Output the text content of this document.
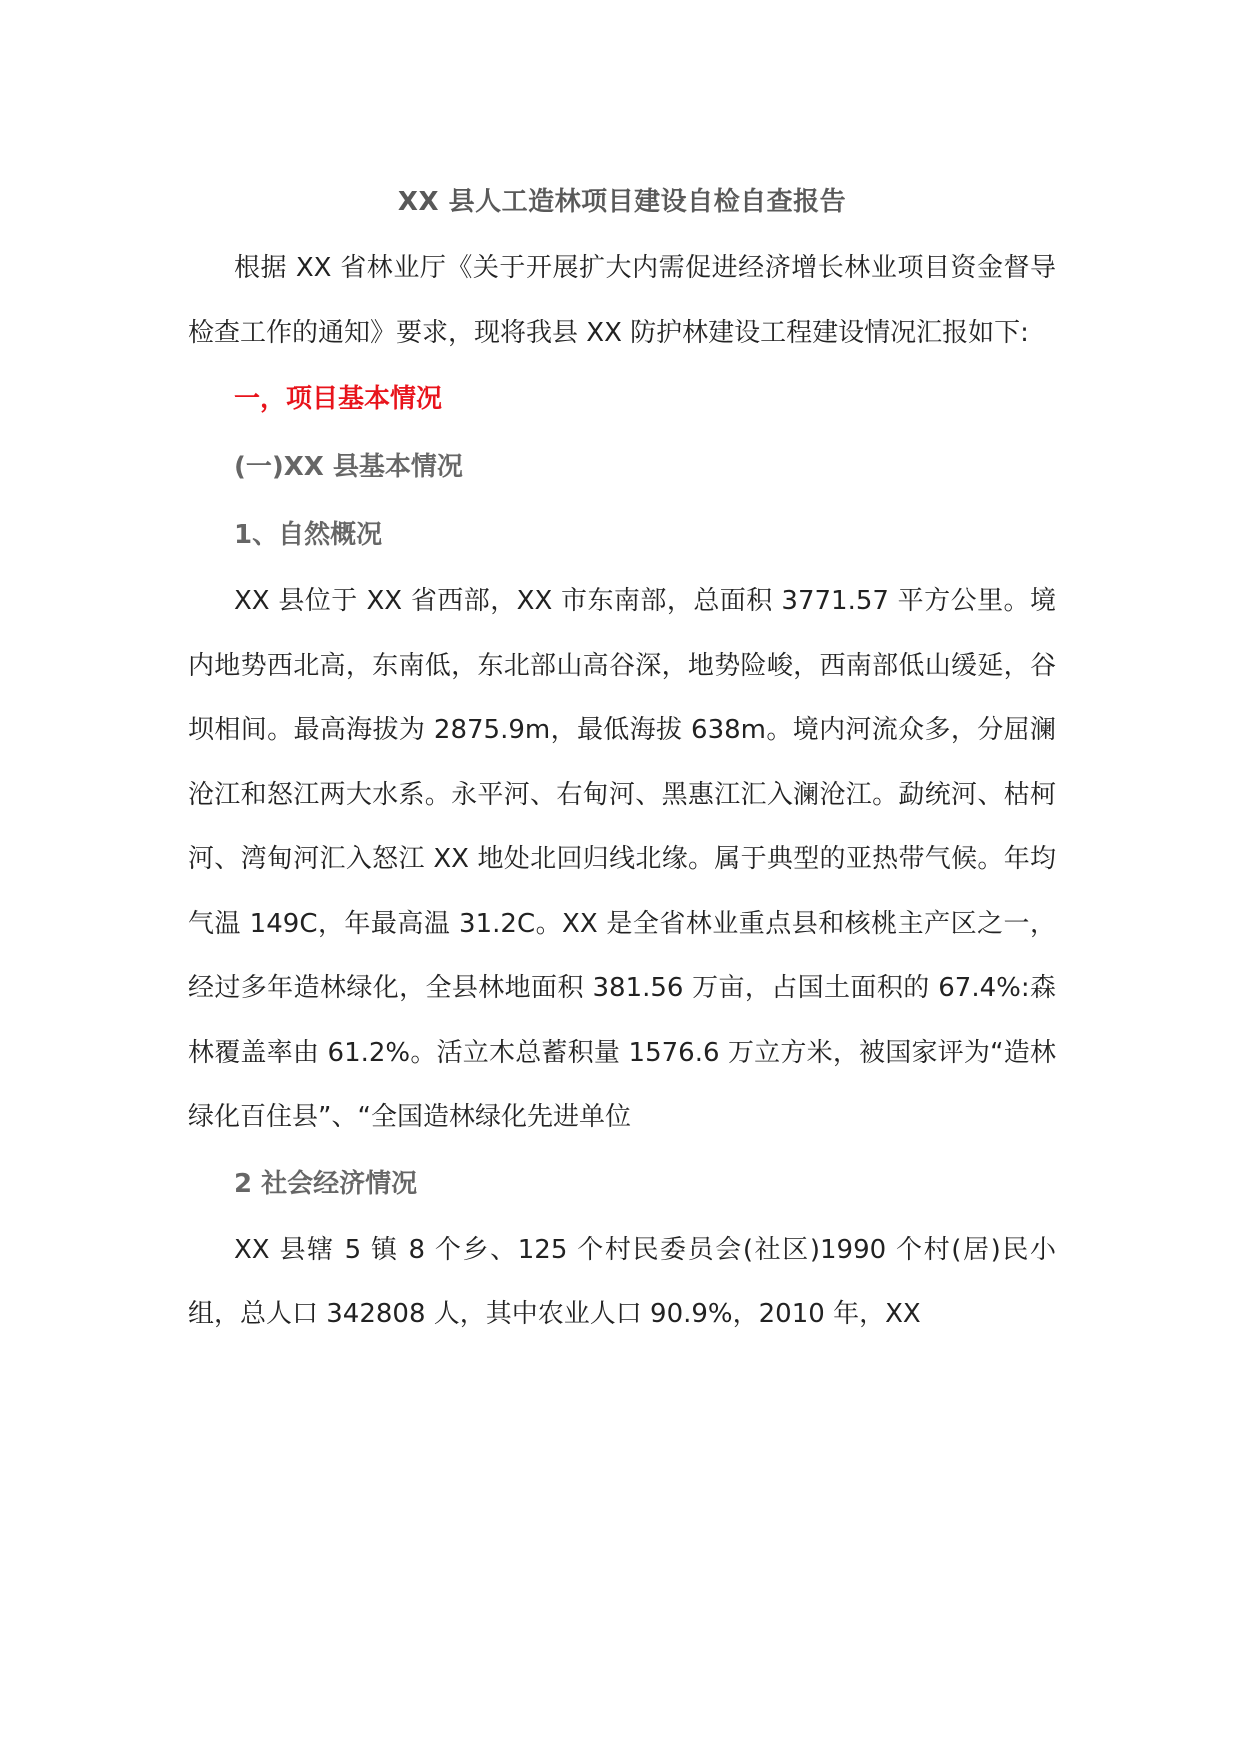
XX 县人工造林项目建设自检自查报告

根据 XX 省林业厅《关于开展扩大内需促进经济增长林业项目资金督导检查工作的通知》要求，现将我县 XX 防护林建设工程建设情况汇报如下:

一，项目基本情况
(一)XX 县基本情况
1、自然概况

XX 县位于 XX 省西部，XX 市东南部，总面积 3771.57 平方公里。境内地势西北高，东南低，东北部山高谷深，地势险峻，西南部低山缓延，谷坝相间。最高海拔为 2875.9m，最低海拔 638m。境内河流众多，分屈澜沧江和怒江两大水系。永平河、右甸河、黑惠江汇入澜沧江。勐统河、枯柯河、湾甸河汇入怒江 XX 地处北回归线北缘。属于典型的亚热带气候。年均气温 149C，年最高温 31.2C。XX 是全省林业重点县和核桃主产区之一，经过多年造林绿化，全县林地面积 381.56 万亩，占国土面积的 67.4%:森林覆盖率由 61.2%。活立木总蓄积量 1576.6 万立方米，被国家评为“造林绿化百住县”、“全国造林绿化先进单位

2 社会经济情况

XX 县辖 5 镇 8 个乡、125 个村民委员会(社区)1990 个村(居)民小组，总人口 342808 人，其中农业人口 90.9%，2010 年，XX
